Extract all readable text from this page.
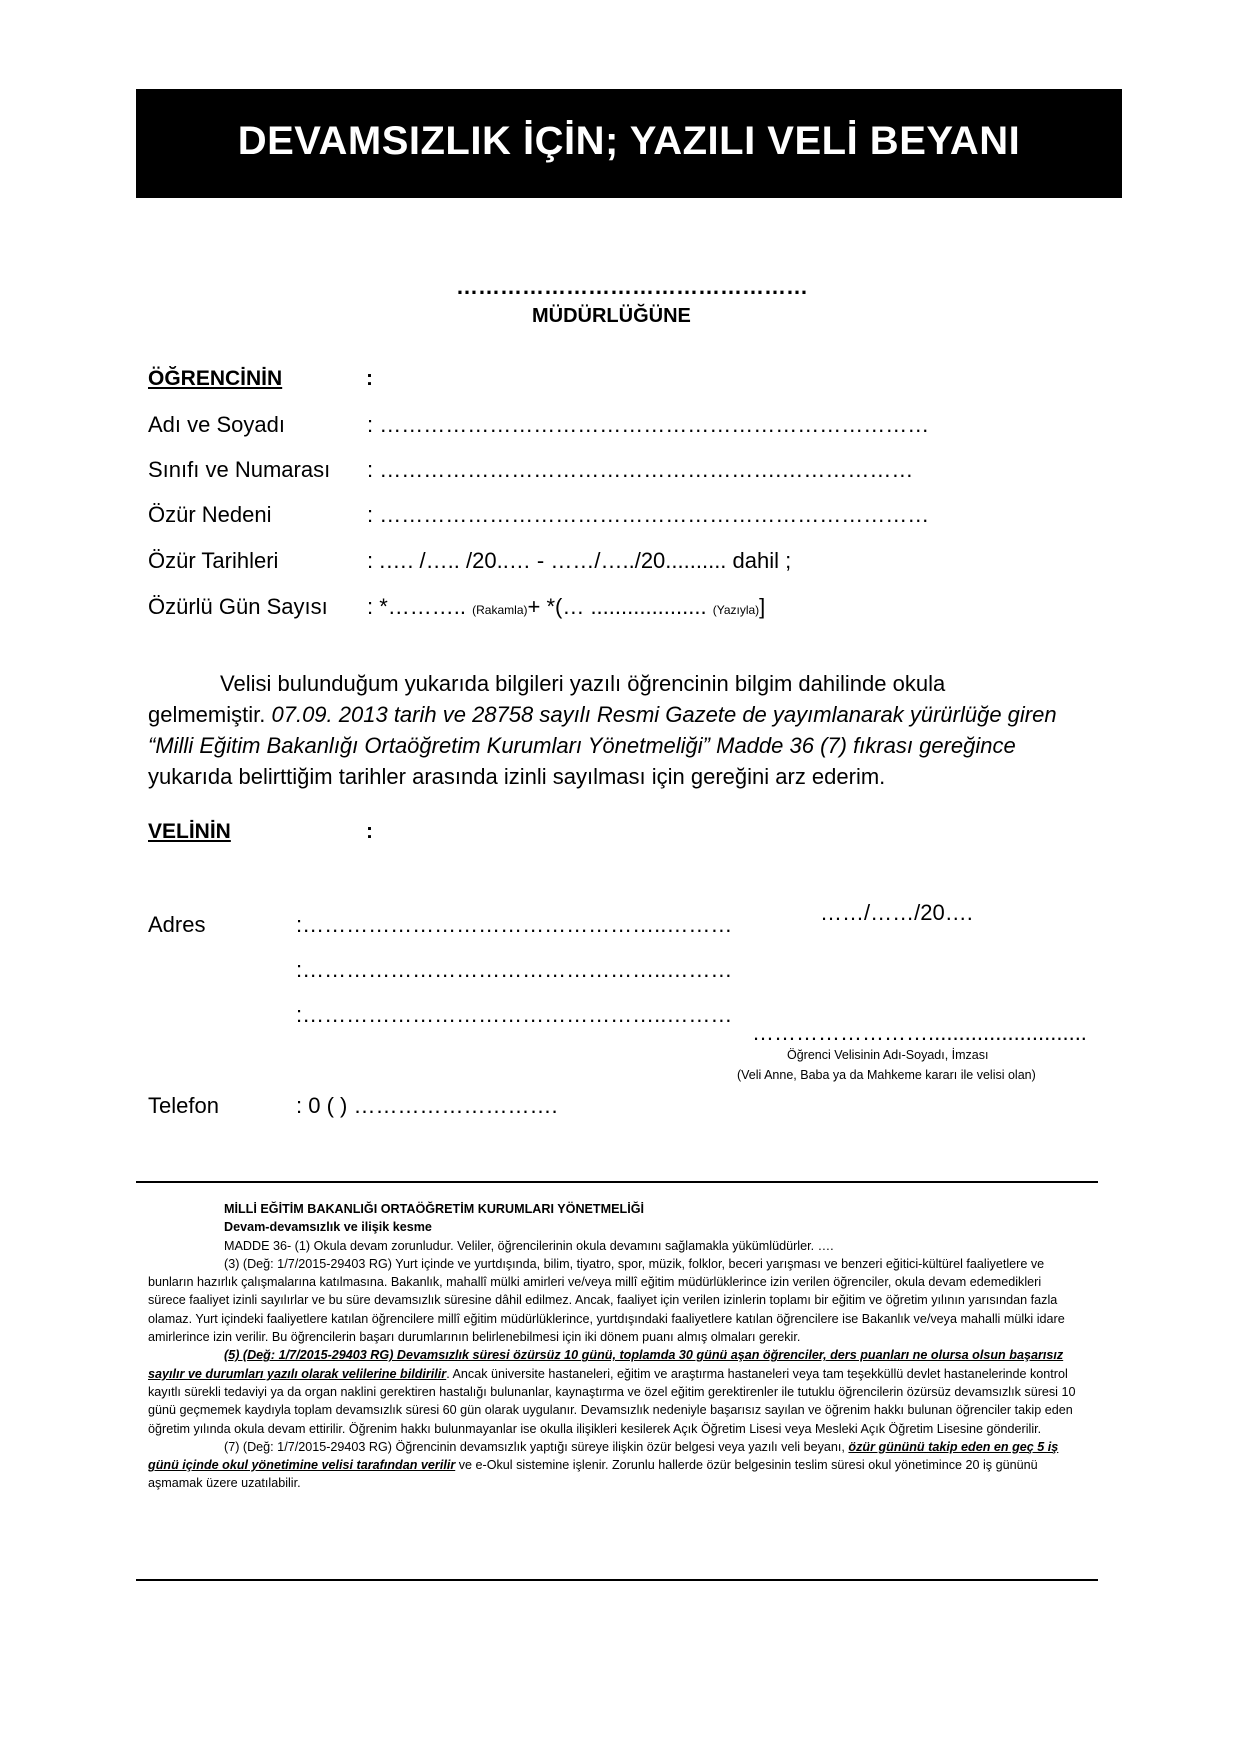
DEVAMSIZLIK İÇİN; YAZILI VELİ BEYANI
…………………………………………
MÜDÜRLÜĞÜNE
ÖĞRENCİNİN	:
Adı ve Soyadı	: …………………………………………………………………
Sınıfı ve Numarası : ……………………………………………….………………
Özür Nedeni	: …………………………………………………………………
Özür Tarihleri	: .…. /….. /20..… - ……/…../20.......... dahil ;
Özürlü Gün Sayısı : *……….. (Rakamla)+ *(… ................... (Yazıyla)]
Velisi bulunduğum yukarıda bilgileri yazılı öğrencinin bilgim dahilinde okula
gelmemiştir. 07.09. 2013 tarih ve 28758 sayılı Resmi Gazete de yayımlanarak yürürlüğe giren
“Milli Eğitim Bakanlığı Ortaöğretim Kurumları Yönetmeliği” Madde 36 (7) fıkrası gereğince
yukarıda belirttiğim tarihler arasında izinli sayılması için gereğini arz ederim.
VELİNİN	:
Adres	:…………………………………………..………
:…………………………………………..………
:…………………………………………..………
……/……/20….
……………………..........................
Öğrenci Velisinin Adı-Soyadı, İmzası
(Veli Anne, Baba ya da Mahkeme kararı ile velisi olan)
Telefon	: 0 ( ) ……………………….

MİLLİ EĞİTİM BAKANLIĞI ORTAÖĞRETİM KURUMLARI YÖNETMELİĞİ

Devam-devamsızlık ve ilişik kesme

MADDE 36- (1) Okula devam zorunludur. Veliler, öğrencilerinin okula devamını sağlamakla yükümlüdürler. ….

(3) (Değ: 1/7/2015-29403 RG) Yurt içinde ve yurtdışında, bilim, tiyatro, spor, müzik, folklor, beceri yarışması ve benzeri eğitici-kültürel faaliyetlere ve bunların hazırlık çalışmalarına katılmasına. Bakanlık, mahallî mülki amirleri ve/veya millî eğitim müdürlüklerince izin verilen öğrenciler, okula devam edemedikleri sürece faaliyet izinli sayılırlar ve bu süre devamsızlık süresine dâhil edilmez. Ancak, faaliyet için verilen izinlerin toplamı bir eğitim ve öğretim yılının yarısından fazla olamaz. Yurt içindeki faaliyetlere katılan öğrencilere millî eğitim müdürlüklerince, yurtdışındaki faaliyetlere katılan öğrencilere ise Bakanlık ve/veya mahalli mülki idare amirlerince izin verilir. Bu öğrencilerin başarı durumlarının belirlenebilmesi için iki dönem puanı almış olmaları gerekir.

(5) (Değ: 1/7/2015-29403 RG) Devamsızlık süresi özürsüz 10 günü, toplamda 30 günü aşan öğrenciler, ders puanları ne olursa olsun başarısız sayılır ve durumları yazılı olarak velilerine bildirilir. Ancak üniversite hastaneleri, eğitim ve araştırma hastaneleri veya tam teşekküllü devlet hastanelerinde kontrol kayıtlı sürekli tedaviyi ya da organ naklini gerektiren hastalığı bulunanlar, kaynaştırma ve özel eğitim gerektirenler ile tutuklu öğrencilerin özürsüz devamsızlık süresi 10 günü geçmemek kaydıyla toplam devamsızlık süresi 60 gün olarak uygulanır. Devamsızlık nedeniyle başarısız sayılan ve öğrenim hakkı bulunan öğrenciler takip eden öğretim yılında okula devam ettirilir. Öğrenim hakkı bulunmayanlar ise okulla ilişikleri kesilerek Açık Öğretim Lisesi veya Mesleki Açık Öğretim Lisesine gönderilir.

(7) (Değ: 1/7/2015-29403 RG) Öğrencinin devamsızlık yaptığı süreye ilişkin özür belgesi veya yazılı veli beyanı, özür gününü takip eden en geç 5 iş günü içinde okul yönetimine velisi tarafından verilir ve e-Okul sistemine işlenir. Zorunlu hallerde özür belgesinin teslim süresi okul yönetimince 20 iş gününü aşmamak üzere uzatılabilir.
